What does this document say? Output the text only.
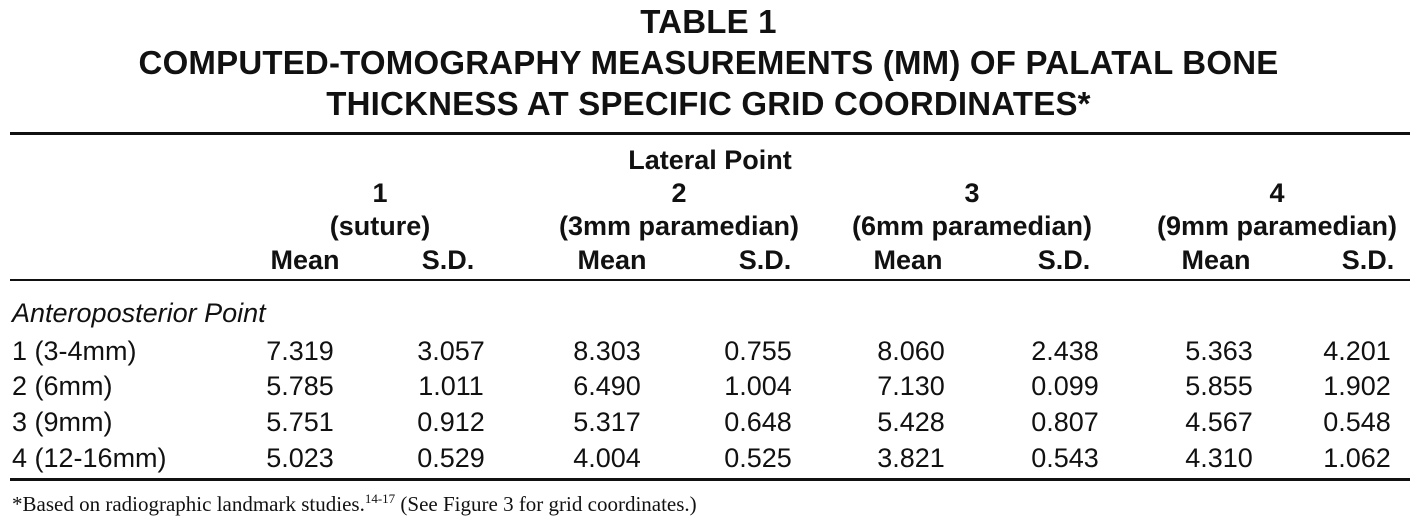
TABLE 1
COMPUTED-TOMOGRAPHY MEASUREMENTS (MM) OF PALATAL BONE
THICKNESS AT SPECIFIC GRID COORDINATES*
Lateral Point
1	2	3	4
(suture)	(3mm paramedian)	(6mm paramedian)	(9mm paramedian)
Mean	S.D.	Mean	S.D.	Mean	S.D.	Mean	S.D.
Anteroposterior Point
1 (3-4mm)	7.319	3.057	8.303	0.755	8.060	2.438	5.363	4.201
2 (6mm)	5.785	1.011	6.490	1.004	7.130	0.099	5.855	1.902
3 (9mm)	5.751	0.912	5.317	0.648	5.428	0.807	4.567	0.548
4 (12-16mm)	5.023	0.529	4.004	0.525	3.821	0.543	4.310	1.062
*Based on radiographic landmark studies.$^{14-17}$ (See Figure 3 for grid coordinates.)
